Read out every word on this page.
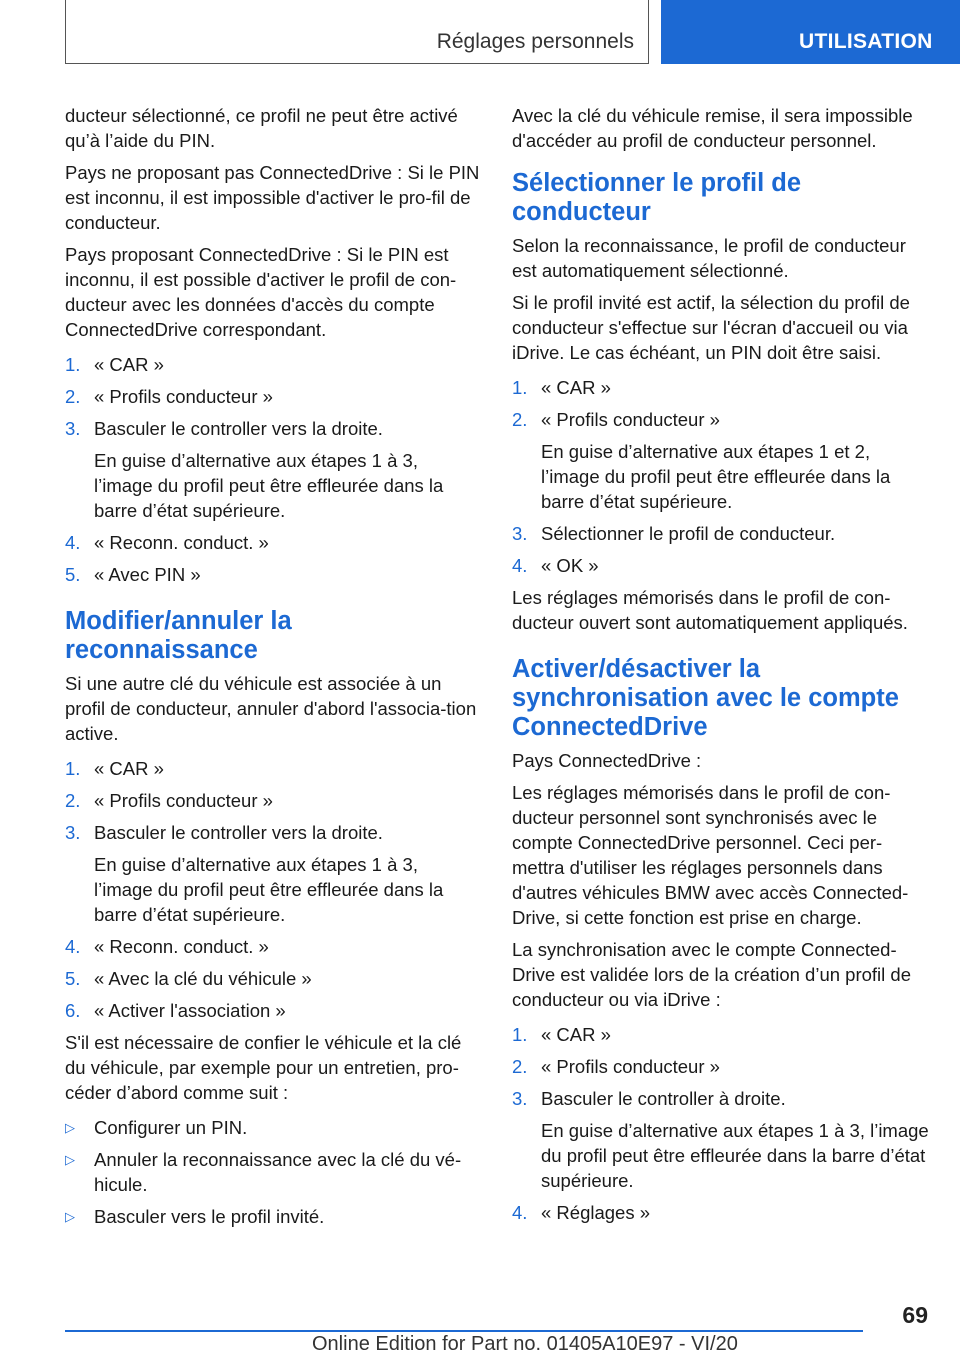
Réglages personnels	UTILISATION

ducteur sélectionné, ce profil ne peut être activé qu’à l’aide du PIN.

Pays ne proposant pas ConnectedDrive : Si le PIN est inconnu, il est impossible d'activer le pro‐fil de conducteur.

Pays proposant ConnectedDrive : Si le PIN est inconnu, il est possible d'activer le profil de con‐ducteur avec les données d'accès du compte ConnectedDrive correspondant.

1. « CAR »
2. « Profils conducteur »
3. Basculer le controller vers la droite.
En guise d’alternative aux étapes 1 à 3, l’image du profil peut être effleurée dans la barre d’état supérieure.
4. « Reconn. conduct. »
5. « Avec PIN »
Modifier/annuler la reconnaissance

Si une autre clé du véhicule est associée à un profil de conducteur, annuler d'abord l'associa‐tion active.

1. « CAR »
2. « Profils conducteur »
3. Basculer le controller vers la droite.
En guise d’alternative aux étapes 1 à 3, l’image du profil peut être effleurée dans la barre d’état supérieure.
4. « Reconn. conduct. »
5. « Avec la clé du véhicule »
6. « Activer l'association »

S'il est nécessaire de confier le véhicule et la clé du véhicule, par exemple pour un entretien, pro‐céder d’abord comme suit :

▷ Configurer un PIN.
▷ Annuler la reconnaissance avec la clé du vé‐hicule.
▷ Basculer vers le profil invité.

Avec la clé du véhicule remise, il sera impossible d'accéder au profil de conducteur personnel.

Sélectionner le profil de conducteur

Selon la reconnaissance, le profil de conducteur est automatiquement sélectionné.

Si le profil invité est actif, la sélection du profil de conducteur s'effectue sur l'écran d'accueil ou via iDrive. Le cas échéant, un PIN doit être saisi.

1. « CAR »
2. « Profils conducteur »
En guise d’alternative aux étapes 1 et 2, l’image du profil peut être effleurée dans la barre d’état supérieure.
3. Sélectionner le profil de conducteur.
4. « OK »

Les réglages mémorisés dans le profil de con‐ducteur ouvert sont automatiquement appliqués.

Activer/désactiver la synchronisation avec le compte ConnectedDrive

Pays ConnectedDrive :

Les réglages mémorisés dans le profil de con‐ducteur personnel sont synchronisés avec le compte ConnectedDrive personnel. Ceci per‐mettra d'utiliser les réglages personnels dans d'autres véhicules BMW avec accès Connected‐Drive, si cette fonction est prise en charge.

La synchronisation avec le compte Connected‐Drive est validée lors de la création d’un profil de conducteur ou via iDrive :

1. « CAR »
2. « Profils conducteur »
3. Basculer le controller à droite.
En guise d’alternative aux étapes 1 à 3, l’image du profil peut être effleurée dans la barre d’état supérieure.
4. « Réglages »
69
Online Edition for Part no. 01405A10E97 - VI/20
